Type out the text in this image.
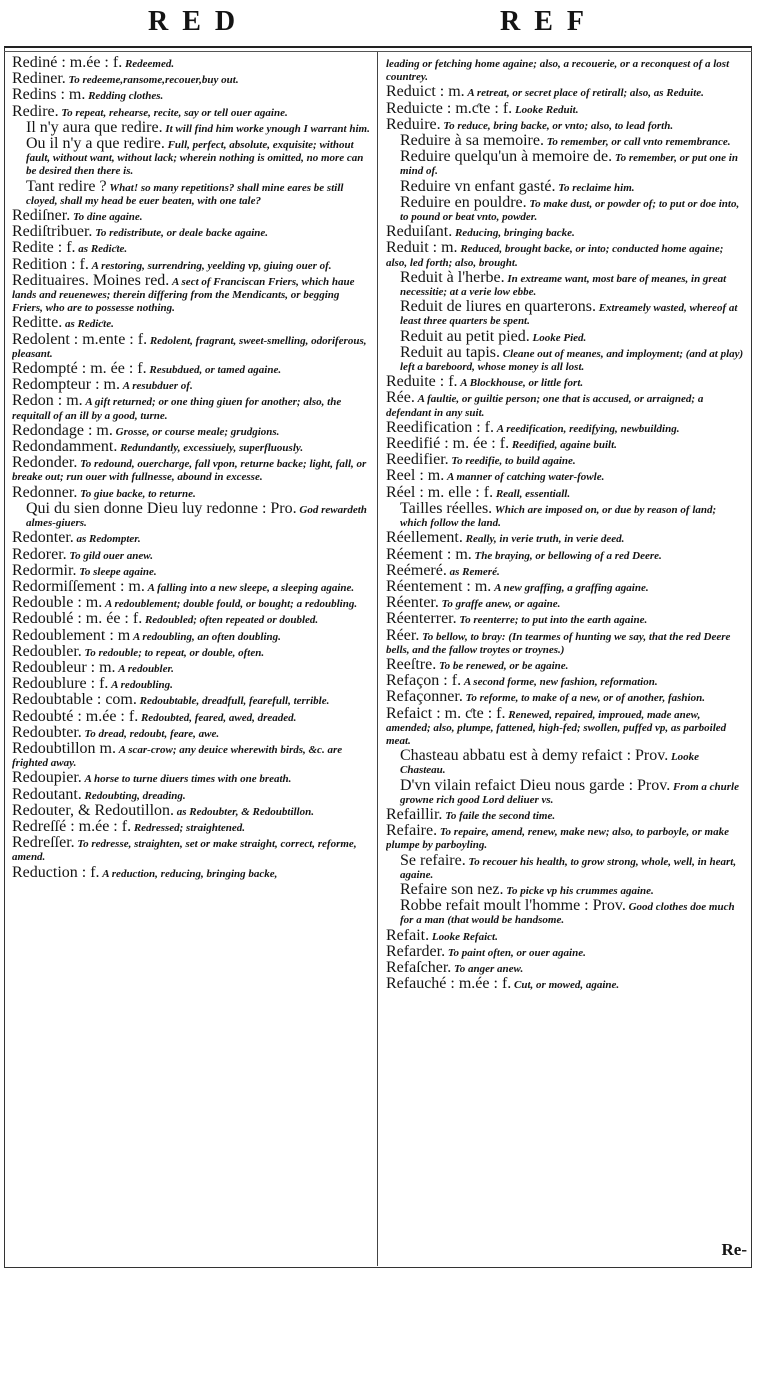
RED	REF

Rediné : m.ée : f. Redeemed.

Rediner. To redeeme,ransome,recouer,buy out.

Redins : m. Redding clothes.

Redire. To repeat, rehearse, recite, say or tell ouer againe.

Il n'y aura que redire. It will find him worke ynough I warrant him.

Ou il n'y a que redire. Full, perfect, absolute, exquisite; without fault, without want, without lack; wherein nothing is omitted, no more can be desired then there is.

Tant redire ? What! so many repetitions? shall mine eares be still cloyed, shall my head be euer beaten, with one tale?

Rediſner. To dine againe.

Rediſtribuer. To redistribute, or deale backe againe.

Redite : f. as Rediƈte.

Redition : f. A restoring, surrendring, yeelding vp, giuing ouer of.

Redituaires. Moines red. A sect of Franciscan Friers, which haue lands and reuenewes; therein differing from the Mendicants, or begging Friers, who are to possesse nothing.

Reditte. as Rediƈte.

Redolent : m.ente : f. Redolent, fragrant, sweet-smelling, odoriferous, pleasant.

Redompté : m. ée : f. Resubdued, or tamed againe.

Redompteur : m. A resubduer of.

Redon : m. A gift returned; or one thing giuen for another; also, the requitall of an ill by a good, turne.

Redondage : m. Grosse, or course meale; grudgions.

Redondamment. Redundantly, excessiuely, superfluously.

Redonder. To redound, ouercharge, fall vpon, returne backe; light, fall, or breake out; run ouer with fullnesse, abound in excesse.

Redonner. To giue backe, to returne.

Qui du sien donne Dieu luy redonne : Pro. God rewardeth almes-giuers.

Redonter. as Redompter.

Redorer. To gild ouer anew.

Redormir. To sleepe againe.

Redormiſſement : m. A falling into a new sleepe, a sleeping againe.

Redouble : m. A redoublement; double fould, or bought; a redoubling.

Redoublé : m. ée : f. Redoubled; often repeated or doubled.

Redoublement : m A redoubling, an often doubling.

Redoubler. To redouble; to repeat, or double, often.

Redoubleur : m. A redoubler.

Redoublure : f. A redoubling.

Redoubtable : com. Redoubtable, dreadfull, fearefull, terrible.

Redoubté : m.ée : f. Redoubted, feared, awed, dreaded.

Redoubter. To dread, redoubt, feare, awe.

Redoubtillon m. A scar-crow; any deuice wherewith birds, &c. are frighted away.

Redoupier. A horse to turne diuers times with one breath.

Redoutant. Redoubting, dreading.

Redouter, & Redoutillon. as Redoubter, & Redoubtillon.

Redreſſé : m.ée : f. Redressed; straightened.

Redreſſer. To redresse, straighten, set or make straight, correct, reforme, amend.

Reduction : f. A reduction, reducing, bringing backe,

leading or fetching home againe; also, a recouerie, or a reconquest of a lost countrey.

Reduict : m. A retreat, or secret place of retirall; also, as Reduite.

Reduicte : m.ƈte : f. Looke Reduit.

Reduire. To reduce, bring backe, or vnto; also, to lead forth.

Reduire à sa memoire. To remember, or call vnto remembrance.

Reduire quelqu'un à memoire de. To remember, or put one in mind of.

Reduire vn enfant gasté. To reclaime him.

Reduire en pouldre. To make dust, or powder of; to put or doe into, to pound or beat vnto, powder.

Reduiſant. Reducing, bringing backe.

Reduit : m. Reduced, brought backe, or into; conducted home againe; also, led forth; also, brought.

Reduit à l'herbe. In extreame want, most bare of meanes, in great necessitie; at a verie low ebbe.

Reduit de liures en quarterons. Extreamely wasted, whereof at least three quarters be spent.

Reduit au petit pied. Looke Pied.

Reduit au tapis. Cleane out of meanes, and imployment; (and at play) left a bareboord, whose money is all lost.

Reduite : f. A Blockhouse, or little fort.

Rée. A faultie, or guiltie person; one that is accused, or arraigned; a defendant in any suit.

Reedification : f. A reedification, reedifying, newbuilding.

Reedifié : m. ée : f. Reedified, againe built.

Reedifier. To reedifie, to build againe.

Reel : m. A manner of catching water-fowle.

Réel : m. elle : f. Reall, essentiall.

Tailles réelles. Which are imposed on, or due by reason of land; which follow the land.

Réellement. Really, in verie truth, in verie deed.

Réement : m. The braying, or bellowing of a red Deere.

Reémeré. as Remeré.

Réentement : m. A new graffing, a graffing againe.

Réenter. To graffe anew, or againe.

Réenterrer. To reenterre; to put into the earth againe.

Réer. To bellow, to bray: (In tearmes of hunting we say, that the red Deere bells, and the fallow troytes or troynes.)

Reeſtre. To be renewed, or be againe.

Refaçon : f. A second forme, new fashion, reformation.

Refaçonner. To reforme, to make of a new, or of another, fashion.

Refaict : m. ƈte : f. Renewed, repaired, improued, made anew, amended; also, plumpe, fattened, high-fed; swollen, puffed vp, as parboiled meat.

Chasteau abbatu est à demy refaict : Prov. Looke Chasteau.

D'vn vilain refaict Dieu nous garde : Prov. From a churle growne rich good Lord deliuer vs.

Refaillir. To faile the second time.

Refaire. To repaire, amend, renew, make new; also, to parboyle, or make plumpe by parboyling.

Se refaire. To recouer his health, to grow strong, whole, well, in heart, againe.

Refaire son nez. To picke vp his crummes againe.

Robbe refait moult l'homme : Prov. Good clothes doe much for a man (that would be handsome.

Refait. Looke Refaict.

Refarder. To paint often, or ouer againe.

Refaſcher. To anger anew.

Refauché : m.ée : f. Cut, or mowed, againe.

Re-
